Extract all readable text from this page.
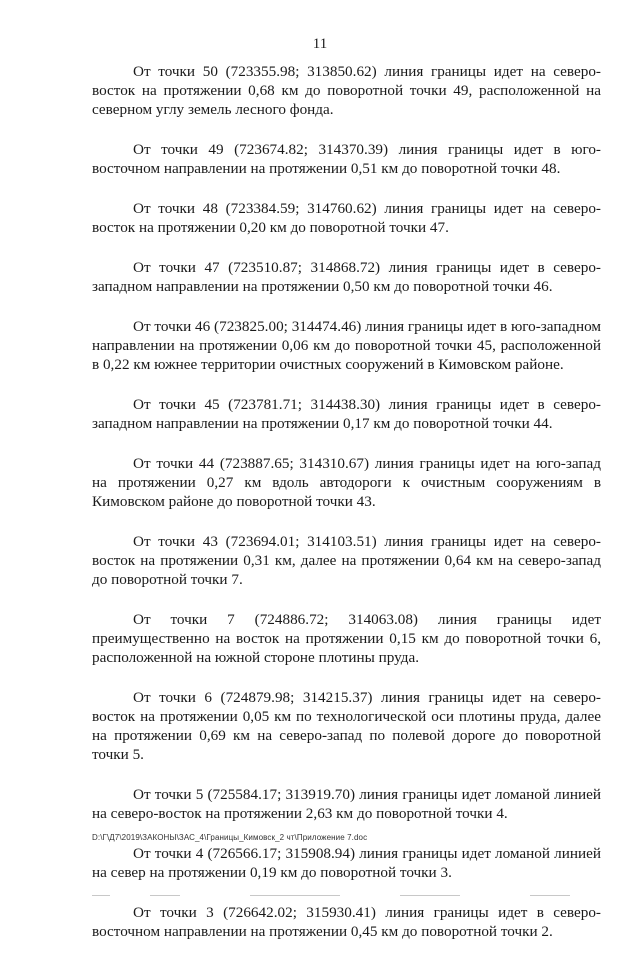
11

От точки 50 (723355.98; 313850.62) линия границы идет на северо-восток на протяжении 0,68 км до поворотной точки 49, расположенной на северном углу земель лесного фонда.

От точки 49 (723674.82; 314370.39) линия границы идет в юго-восточном направлении на протяжении 0,51 км до поворотной точки 48.

От точки 48 (723384.59; 314760.62) линия границы идет на северо-восток на протяжении 0,20 км до поворотной точки 47.

От точки 47 (723510.87; 314868.72) линия границы идет в северо-западном направлении на протяжении 0,50 км до поворотной точки 46.

От точки 46 (723825.00; 314474.46) линия границы идет в юго-западном направлении на протяжении 0,06 км до поворотной точки 45, расположенной в 0,22 км южнее территории очистных сооружений в Кимовском районе.

От точки 45 (723781.71; 314438.30) линия границы идет в северо-западном направлении на протяжении 0,17 км до поворотной точки 44.

От точки 44 (723887.65; 314310.67) линия границы идет на юго-запад на протяжении 0,27 км вдоль автодороги к очистным сооружениям в Кимовском районе до поворотной точки 43.

От точки 43 (723694.01; 314103.51) линия границы идет на северо-восток на протяжении 0,31 км, далее на протяжении 0,64 км на северо-запад до поворотной точки 7.

От точки 7 (724886.72; 314063.08) линия границы идет преимущественно на восток на протяжении 0,15 км до поворотной точки 6, расположенной на южной стороне плотины пруда.

От точки 6 (724879.98; 314215.37) линия границы идет на северо-восток на протяжении 0,05 км по технологической оси плотины пруда, далее на протяжении 0,69 км на северо-запад по полевой дороге до поворотной точки 5.

От точки 5 (725584.17; 313919.70) линия границы идет ломаной линией на северо-восток на протяжении 2,63 км до поворотной точки 4.

От точки 4 (726566.17; 315908.94) линия границы идет ломаной линией на север на протяжении 0,19 км до поворотной точки 3.

От точки 3 (726642.02; 315930.41) линия границы идет в северо-восточном направлении на протяжении 0,45 км до поворотной точки 2.

D:\Г\Д7\2019\ЗАКОНЫ\ЗАС_4\Границы_Кимовск_2 чт\Приложение 7.doc
